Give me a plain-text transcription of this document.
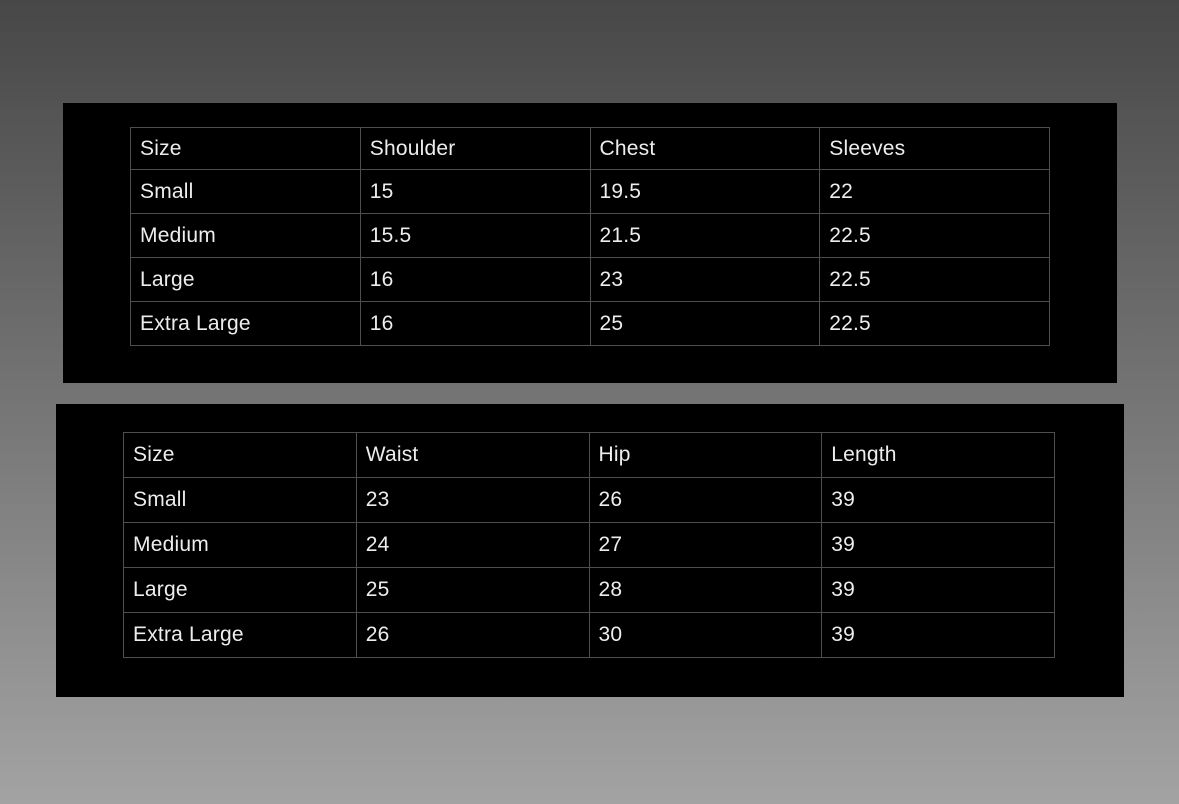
Size	Shoulder	Chest	Sleeves
Small	15	19.5	22
Medium	15.5	21.5	22.5
Large	16	23	22.5
Extra Large	16	25	22.5
Size	Waist	Hip	Length
Small	23	26	39
Medium	24	27	39
Large	25	28	39
Extra Large	26	30	39
